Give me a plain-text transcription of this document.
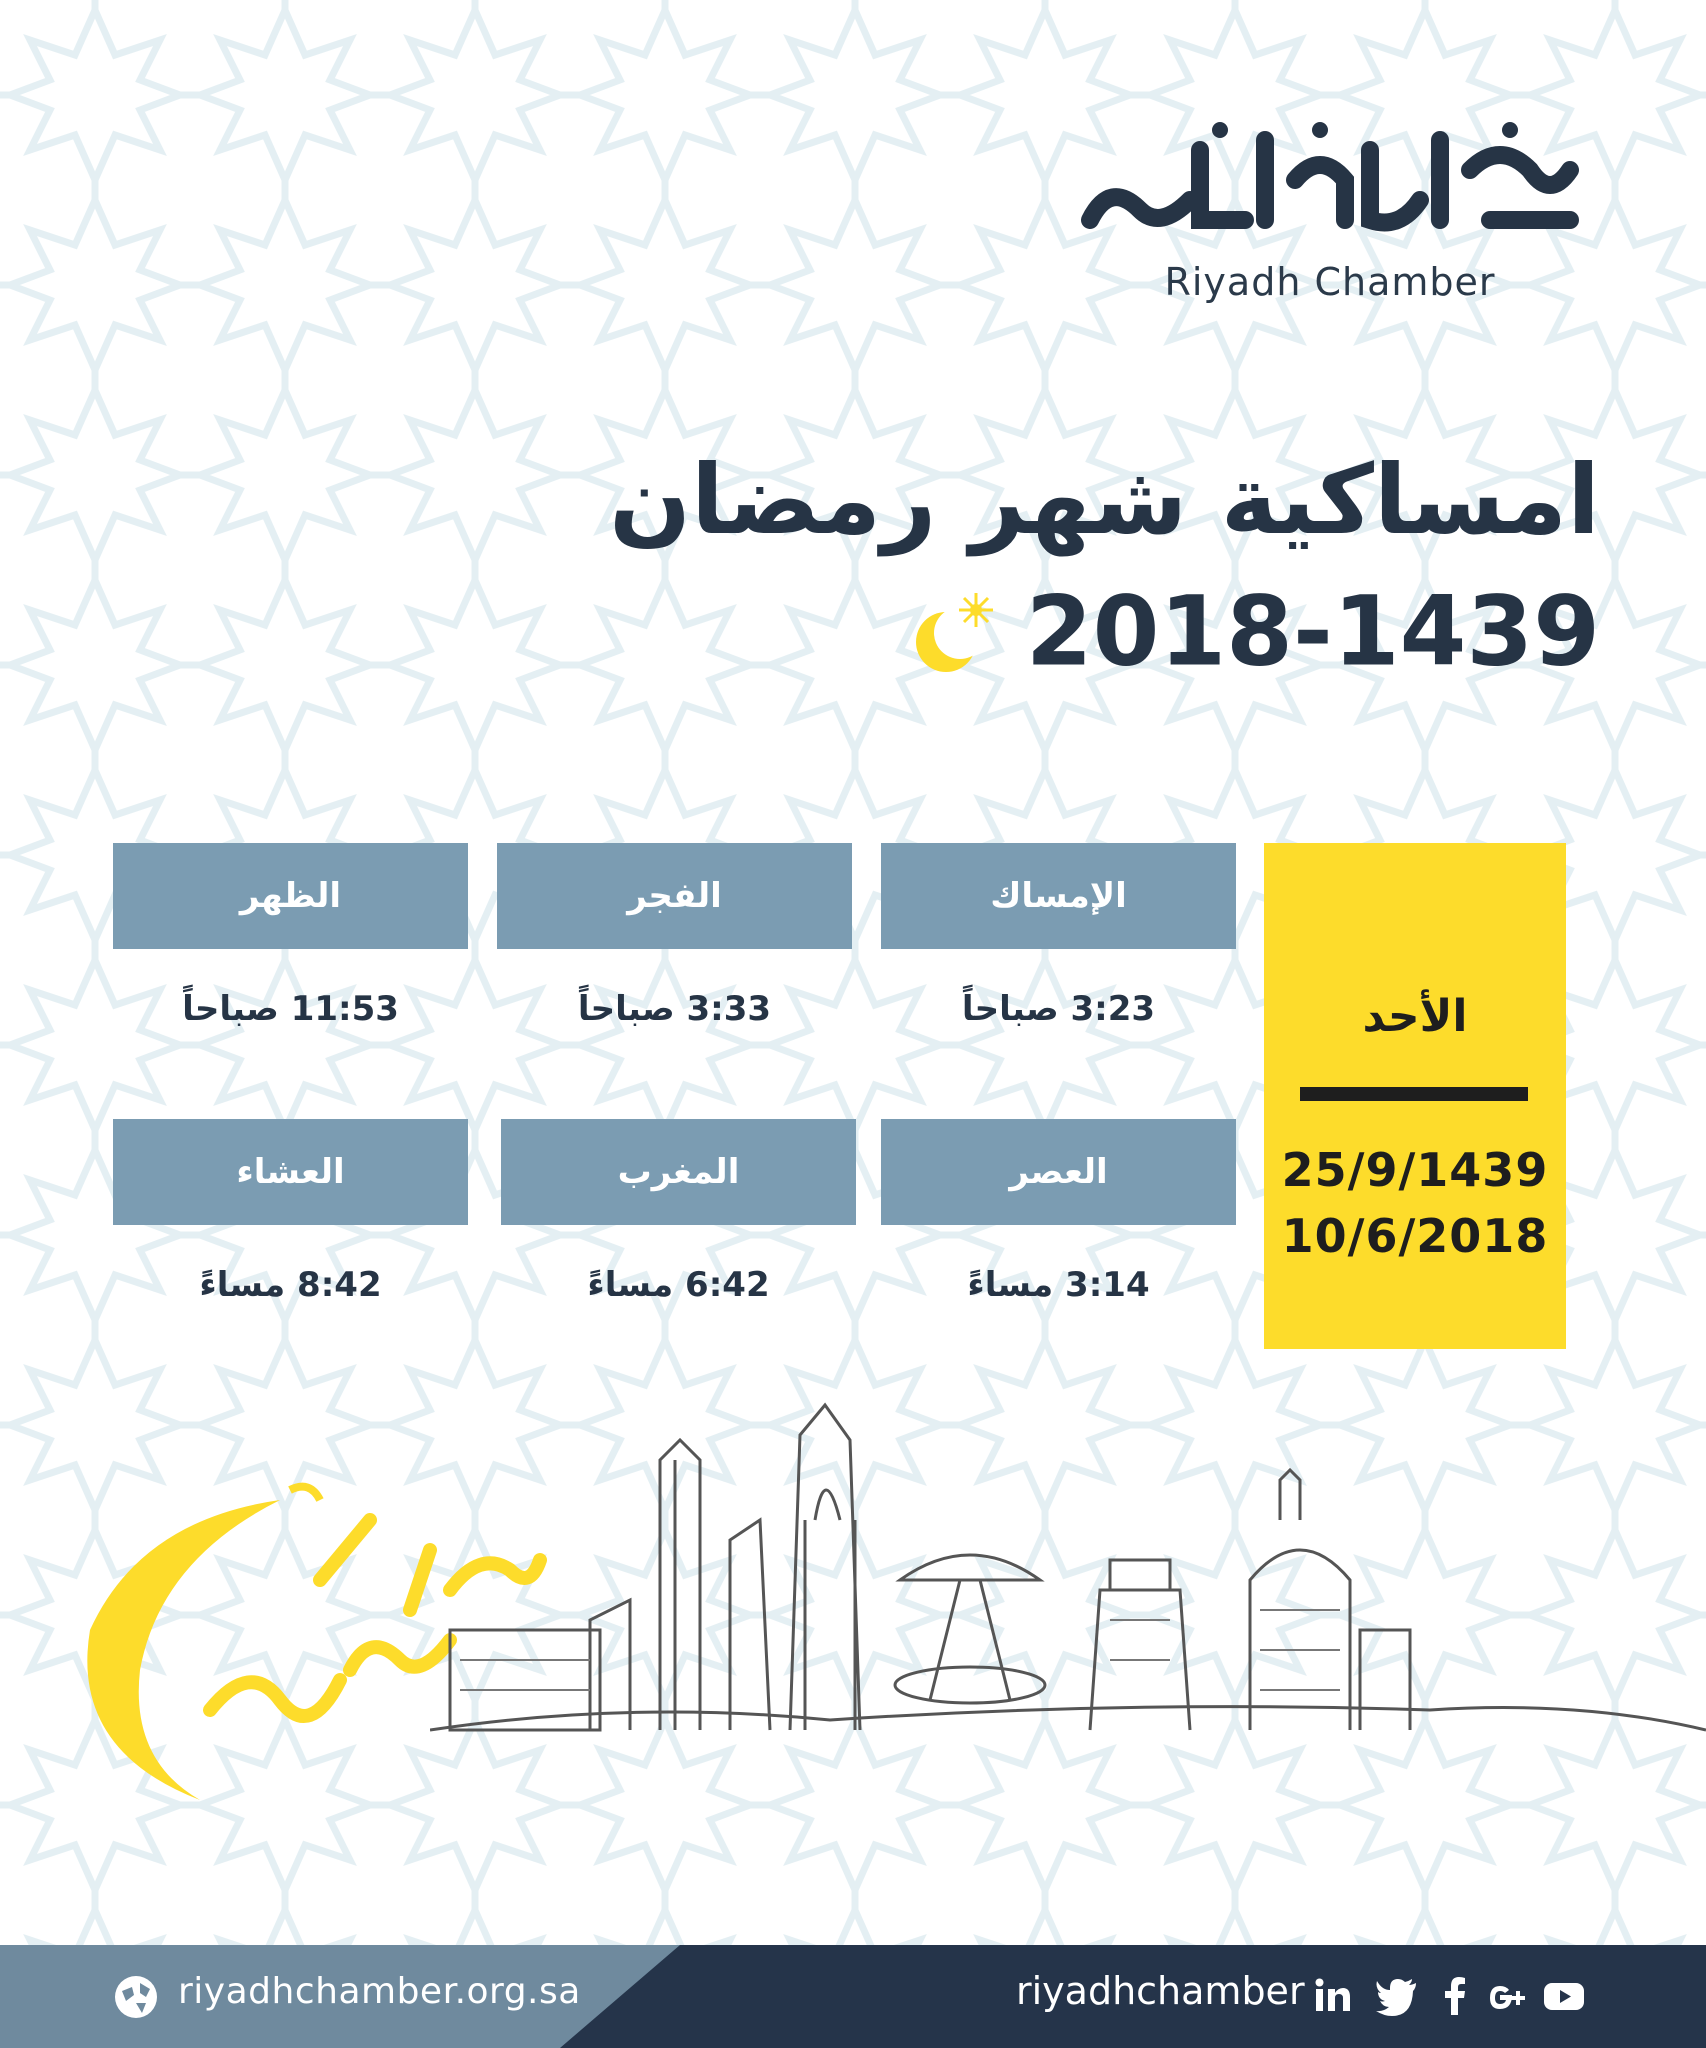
Riyadh Chamber
امساكية شهر رمضان
2018-1439
الأحد
25/9/1439
10/6/2018
الإمساك
3:23 صباحاً
الفجر
3:33 صباحاً
الظهر
11:53 صباحاً
العصر
3:14 مساءً
المغرب
6:42 مساءً
العشاء
8:42 مساءً
riyadhchamber.org.sa	riyadhchamber
